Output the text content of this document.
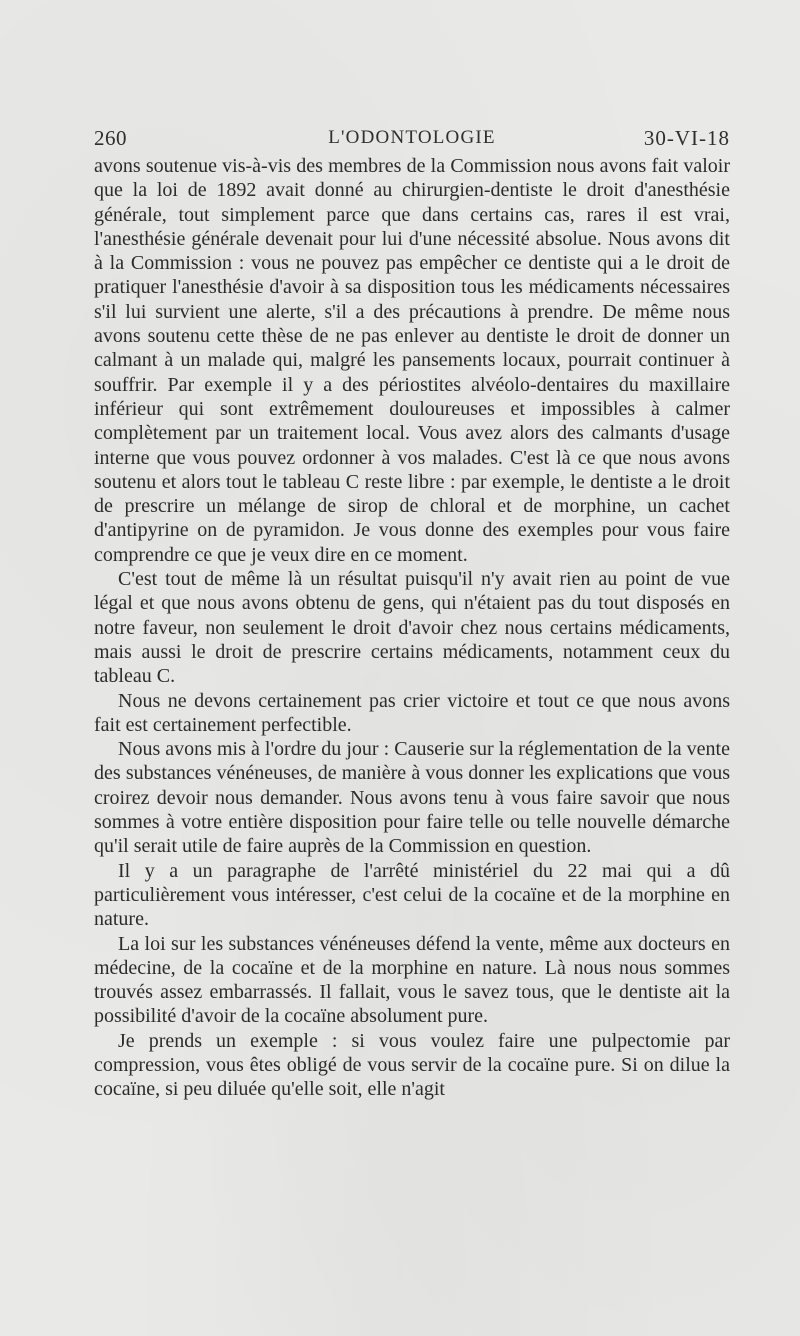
260	L'ODONTOLOGIE	30-VI-18

avons soutenue vis-à-vis des membres de la Commission nous avons fait valoir que la loi de 1892 avait donné au chirurgien-dentiste le droit d'anesthésie générale, tout simplement parce que dans certains cas, rares il est vrai, l'anesthésie générale devenait pour lui d'une nécessité absolue. Nous avons dit à la Commission : vous ne pouvez pas empêcher ce dentiste qui a le droit de pratiquer l'anesthésie d'avoir à sa disposition tous les médicaments nécessaires s'il lui survient une alerte, s'il a des précautions à prendre. De même nous avons soutenu cette thèse de ne pas enlever au dentiste le droit de donner un calmant à un malade qui, malgré les pansements locaux, pourrait continuer à souffrir. Par exemple il y a des périostites alvéolo-dentaires du maxillaire inférieur qui sont extrêmement douloureuses et impossibles à calmer complètement par un traitement local. Vous avez alors des calmants d'usage interne que vous pouvez ordonner à vos malades. C'est là ce que nous avons soutenu et alors tout le tableau C reste libre : par exemple, le dentiste a le droit de prescrire un mélange de sirop de chloral et de morphine, un cachet d'antipyrine on de pyramidon. Je vous donne des exemples pour vous faire comprendre ce que je veux dire en ce moment.

C'est tout de même là un résultat puisqu'il n'y avait rien au point de vue légal et que nous avons obtenu de gens, qui n'étaient pas du tout disposés en notre faveur, non seulement le droit d'avoir chez nous certains médicaments, mais aussi le droit de prescrire certains médicaments, notamment ceux du tableau C.

Nous ne devons certainement pas crier victoire et tout ce que nous avons fait est certainement perfectible.

Nous avons mis à l'ordre du jour : Causerie sur la réglementation de la vente des substances vénéneuses, de manière à vous donner les explications que vous croirez devoir nous demander. Nous avons tenu à vous faire savoir que nous sommes à votre entière disposition pour faire telle ou telle nouvelle démarche qu'il serait utile de faire auprès de la Commission en question.

Il y a un paragraphe de l'arrêté ministériel du 22 mai qui a dû particulièrement vous intéresser, c'est celui de la cocaïne et de la morphine en nature.

La loi sur les substances vénéneuses défend la vente, même aux docteurs en médecine, de la cocaïne et de la morphine en nature. Là nous nous sommes trouvés assez embarrassés. Il fallait, vous le savez tous, que le dentiste ait la possibilité d'avoir de la cocaïne absolument pure.

Je prends un exemple : si vous voulez faire une pulpectomie par compression, vous êtes obligé de vous servir de la cocaïne pure. Si on dilue la cocaïne, si peu diluée qu'elle soit, elle n'agit
